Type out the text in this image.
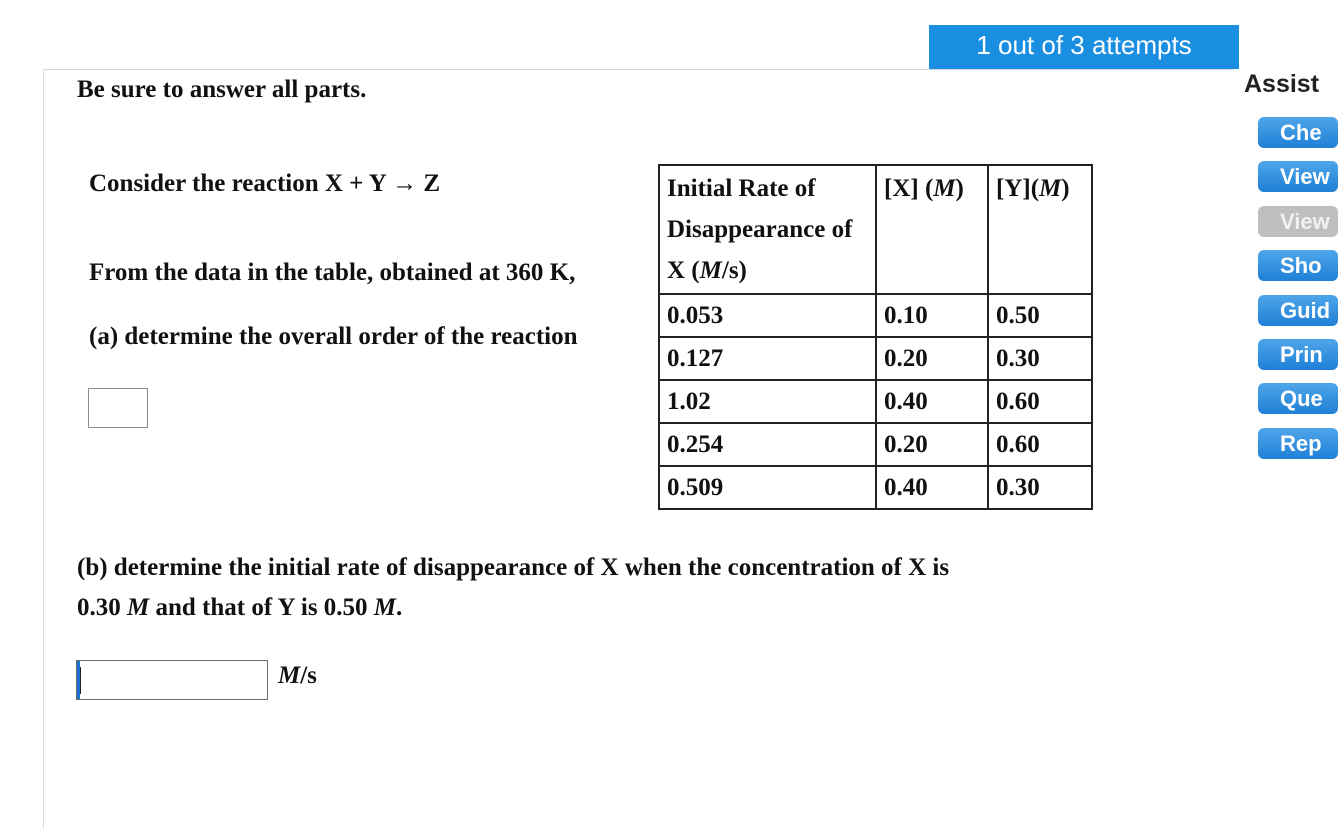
1 out of 3 attempts
Be sure to answer all parts.
Consider the reaction X + Y → Z
From the data in the table, obtained at 360 K,
(a) determine the overall order of the reaction
Initial Rate of Disappearance of X (M/s)	[X] (M)	[Y](M)
0.053	0.10	0.50
0.127	0.20	0.30
1.02	0.40	0.60
0.254	0.20	0.60
0.509	0.40	0.30
(b) determine the initial rate of disappearance of X when the concentration of X is
0.30 M and that of Y is 0.50 M.
M/s
Assist
Che
View
View
Sho
Guid
Prin
Que
Rep
